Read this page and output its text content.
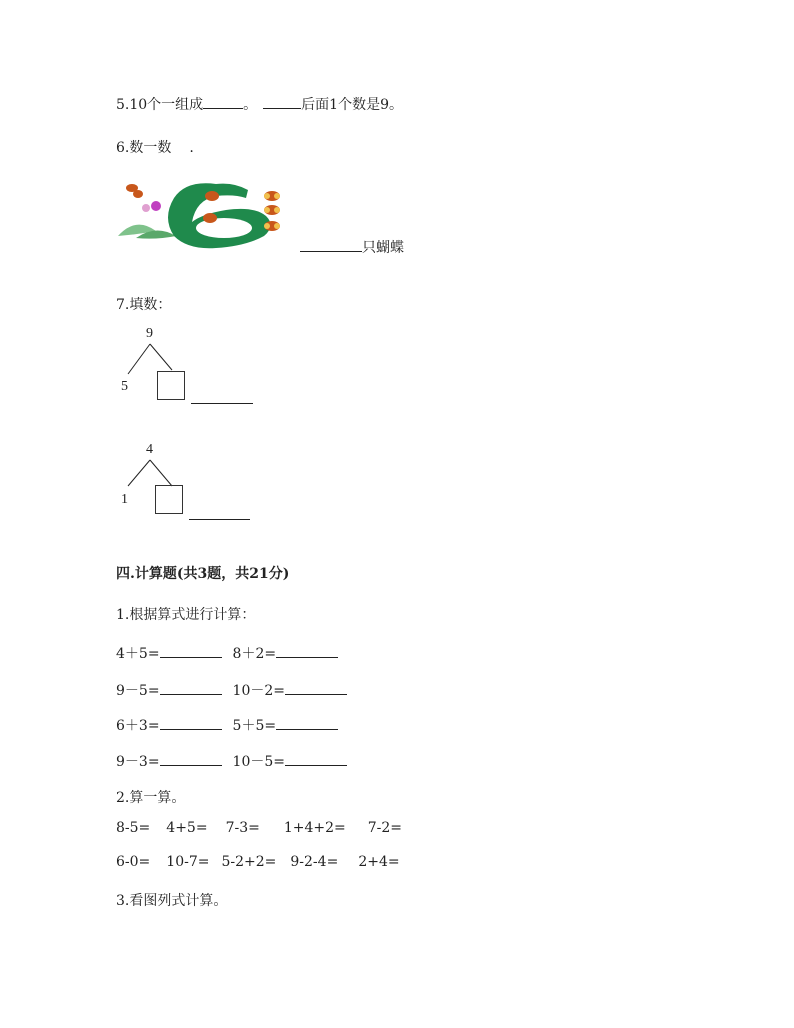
5.10个一组成	。	后面1个数是9。
6.数一数 .
只蝴蝶
7.填数：
9
5
4
1
四.计算题(共3题，共21分)
1.根据算式进行计算：
4＋5=	8＋2=
9－5=	10－2=
6＋3=	5＋5=
9－3=	10－5=
2.算一算。
8-5= 4+5= 7-3= 1+4+2= 7-2=
6-0= 10-7= 5-2+2= 9-2-4= 2+4=
3.看图列式计算。
